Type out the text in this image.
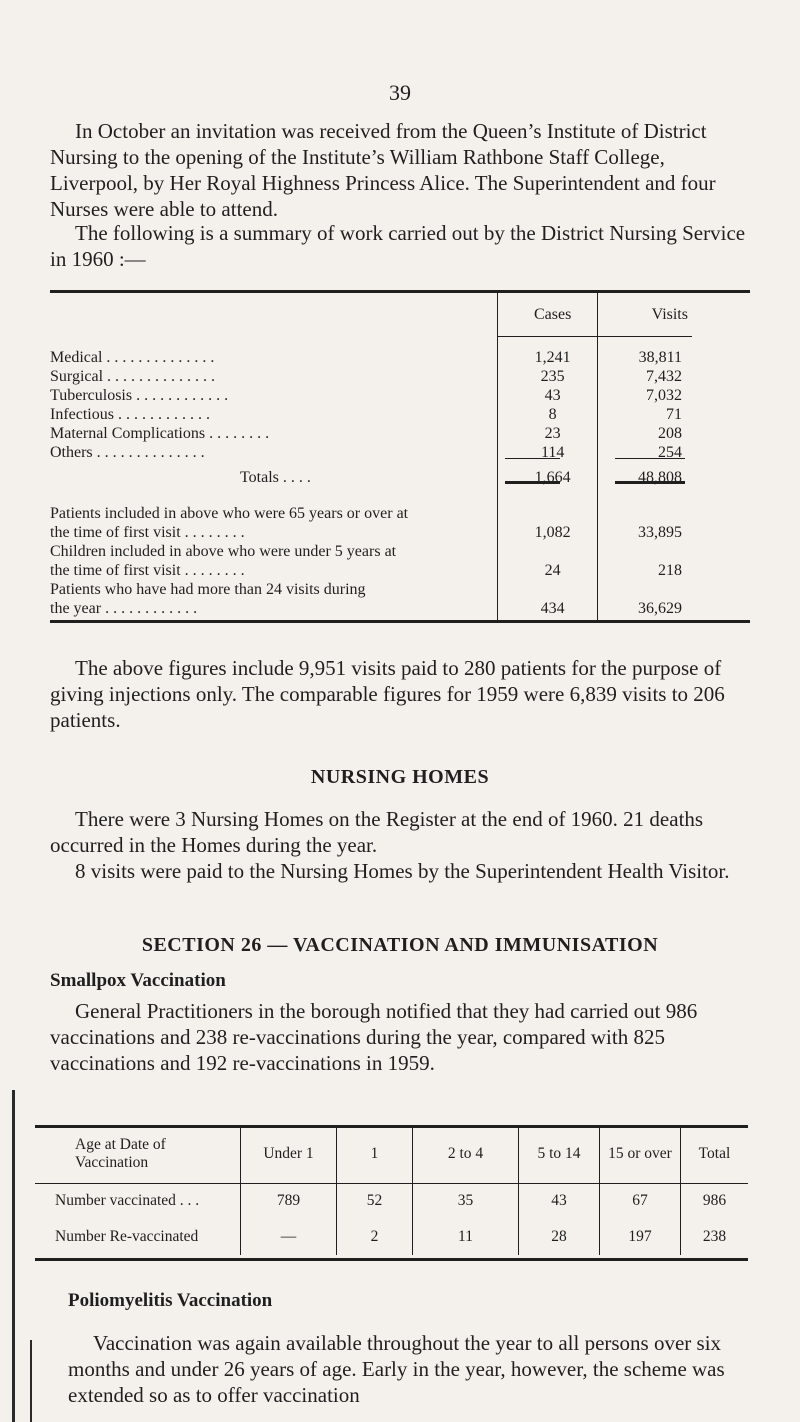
39

In October an invitation was received from the Queen’s Institute of District Nursing to the opening of the Institute’s William Rathbone Staff College, Liverpool, by Her Royal Highness Princess Alice. The Superintendent and four Nurses were able to attend.

The following is a summary of work carried out by the District Nursing Service in 1960 :—

	Cases	Visits

Medical . . . . . . . . . . . . . .	1,241	38,811
Surgical . . . . . . . . . . . . . .	235	7,432
Tuberculosis . . . . . . . . . . . .	43	7,032
Infectious . . . . . . . . . . . .	8	71
Maternal Complications . . . . . . . .	23	208
Others . . . . . . . . . . . . . .	114	254
Totals . . . .	1,664	48,808

Patients included in above who were 65 years or over at
the time of first visit . . . . . . . .	1,082	33,895
Children included in above who were under 5 years at
the time of first visit . . . . . . . .	24	218
Patients who have had more than 24 visits during
the year . . . . . . . . . . . .	434	36,629

The above figures include 9,951 visits paid to 280 patients for the purpose of giving injections only. The comparable figures for 1959 were 6,839 visits to 206 patients.

NURSING HOMES

There were 3 Nursing Homes on the Register at the end of 1960. 21 deaths occurred in the Homes during the year.

8 visits were paid to the Nursing Homes by the Superintendent Health Visitor.

SECTION 26 — VACCINATION AND IMMUNISATION
Smallpox Vaccination

General Practitioners in the borough notified that they had carried out 986 vaccinations and 238 re-vaccinations during the year, compared with 825 vaccinations and 192 re-vaccinations in 1959.

Age at Date of Vaccination	Under 1	1	2 to 4	5 to 14	15 or over	Total
Number vaccinated . . .	789	52	35	43	67	986
Number Re-vaccinated	—	2	11	28	197	238
Poliomyelitis Vaccination

Vaccination was again available throughout the year to all persons over six months and under 26 years of age. Early in the year, however, the scheme was extended so as to offer vaccination
